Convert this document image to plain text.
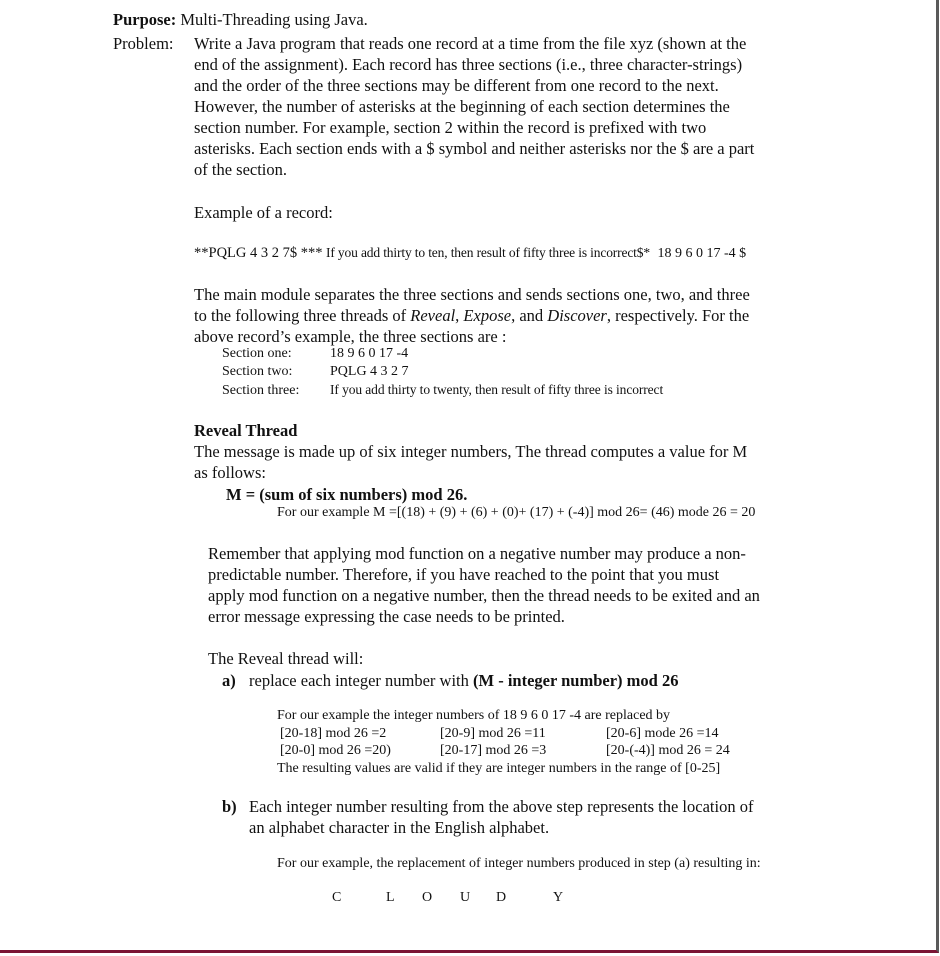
Purpose: Multi-Threading using Java.
Problem: Write a Java program that reads one record at a time from the file xyz (shown at the
end of the assignment). Each record has three sections (i.e., three character-strings)
and the order of the three sections may be different from one record to the next.
However, the number of asterisks at the beginning of each section determines the
section number. For example, section 2 within the record is prefixed with two
asterisks. Each section ends with a $ symbol and neither asterisks nor the $ are a part
of the section.
Example of a record:
**PQLG 4 3 2 7$ *** If you add thirty to ten, then result of fifty three is incorrect$* 18 9 6 0 17 -4 $
The main module separates the three sections and sends sections one, two, and three
to the following three threads of Reveal, Expose, and Discover, respectively. For the
above record’s example, the three sections are :
Section one:	18 9 6 0 17 -4
Section two:	PQLG 4 3 2 7
Section three: If you add thirty to twenty, then result of fifty three is incorrect
Reveal Thread
The message is made up of six integer numbers, The thread computes a value for M
as follows:
M = (sum of six numbers) mod 26.
For our example M =[(18) + (9) + (6) + (0)+ (17) + (-4)] mod 26= (46) mode 26 = 20
Remember that applying mod function on a negative number may produce a non-
predictable number. Therefore, if you have reached to the point that you must
apply mod function on a negative number, then the thread needs to be exited and an
error message expressing the case needs to be printed.
The Reveal thread will:
a) replace each integer number with (M - integer number) mod 26
For our example the integer numbers of 18 9 6 0 17 -4 are replaced by
[20-18] mod 26 =2	[20-9] mod 26 =11	[20-6] mode 26 =14
[20-0] mod 26 =20)	[20-17] mod 26 =3	[20-(-4)] mod 26 = 24
The resulting values are valid if they are integer numbers in the range of [0-25]
b) Each integer number resulting from the above step represents the location of
an alphabet character in the English alphabet.
For our example, the replacement of integer numbers produced in step (a) resulting in:
C	L O U D	Y
